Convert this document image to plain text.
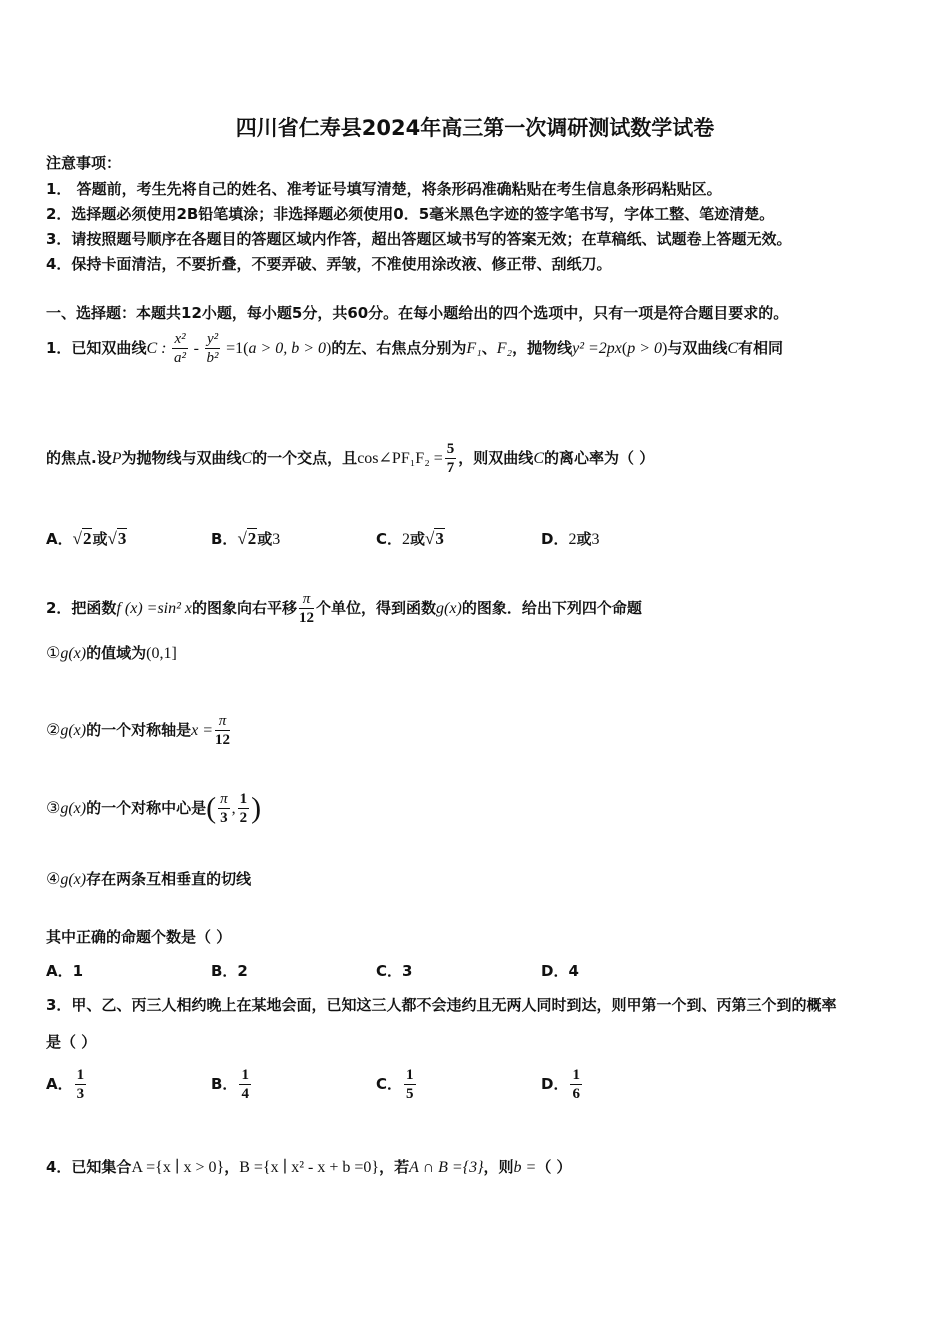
四川省仁寿县2024年高三第一次调研测试数学试卷
注意事项：
1． 答题前，考生先将自己的姓名、准考证号填写清楚，将条形码准确粘贴在考生信息条形码粘贴区。
2．选择题必须使用2B铅笔填涂；非选择题必须使用0．5毫米黑色字迹的签字笔书写，字体工整、笔迹清楚。
3．请按照题号顺序在各题目的答题区域内作答，超出答题区域书写的答案无效；在草稿纸、试题卷上答题无效。
4．保持卡面清洁，不要折叠，不要弄破、弄皱，不准使用涂改液、修正带、刮纸刀。
一、选择题：本题共12小题，每小题5分，共60分。在每小题给出的四个选项中，只有一项是符合题目要求的。
1．已知双曲线C : $\frac{\text{x²}}{\text{a²}} - \frac{\text{y²}}{\text{b²}} =1(a > 0$, b > 0)的左、右焦点分别为F₁、F₂，抛物线y² =2px(p > 0)与双曲线C有相同
的焦点.设P为抛物线与双曲线C的一个交点，且cos∠PF₁F₂ = $\frac{5}{7}$ ，则双曲线C的离心率为（ ）
A．√2或√3	B．√2或3	C．2或√3	D．2或3
2．把函数f (x) =sin² x的图象向右平移 $\frac{\pi}{12}$ 个单位，得到函数g(x)的图象．给出下列四个命题
①g(x)的值域为(0,1]
②g(x)的一个对称轴是$x = \frac{\pi}{12}$
③g(x)的一个对称中心是( $\frac{\pi}{3}$ , $\frac{1}{2}$ )
④g(x)存在两条互相垂直的切线
其中正确的命题个数是（ ）
A．1	B．2	C．3	D．4
3．甲、乙、丙三人相约晚上在某地会面，已知这三人都不会违约且无两人同时到达，则甲第一个到、丙第三个到的概率
是（ ）
A． $\frac{1}{3}$	B． $\frac{1}{4}$	C． $\frac{1}{5}$	D． $\frac{1}{6}$
4．已知集合A ={x ∣ x > 0}，B ={x ∣ x² - x + b =0}，若A ∩ B ={3}，则b =（ ）
